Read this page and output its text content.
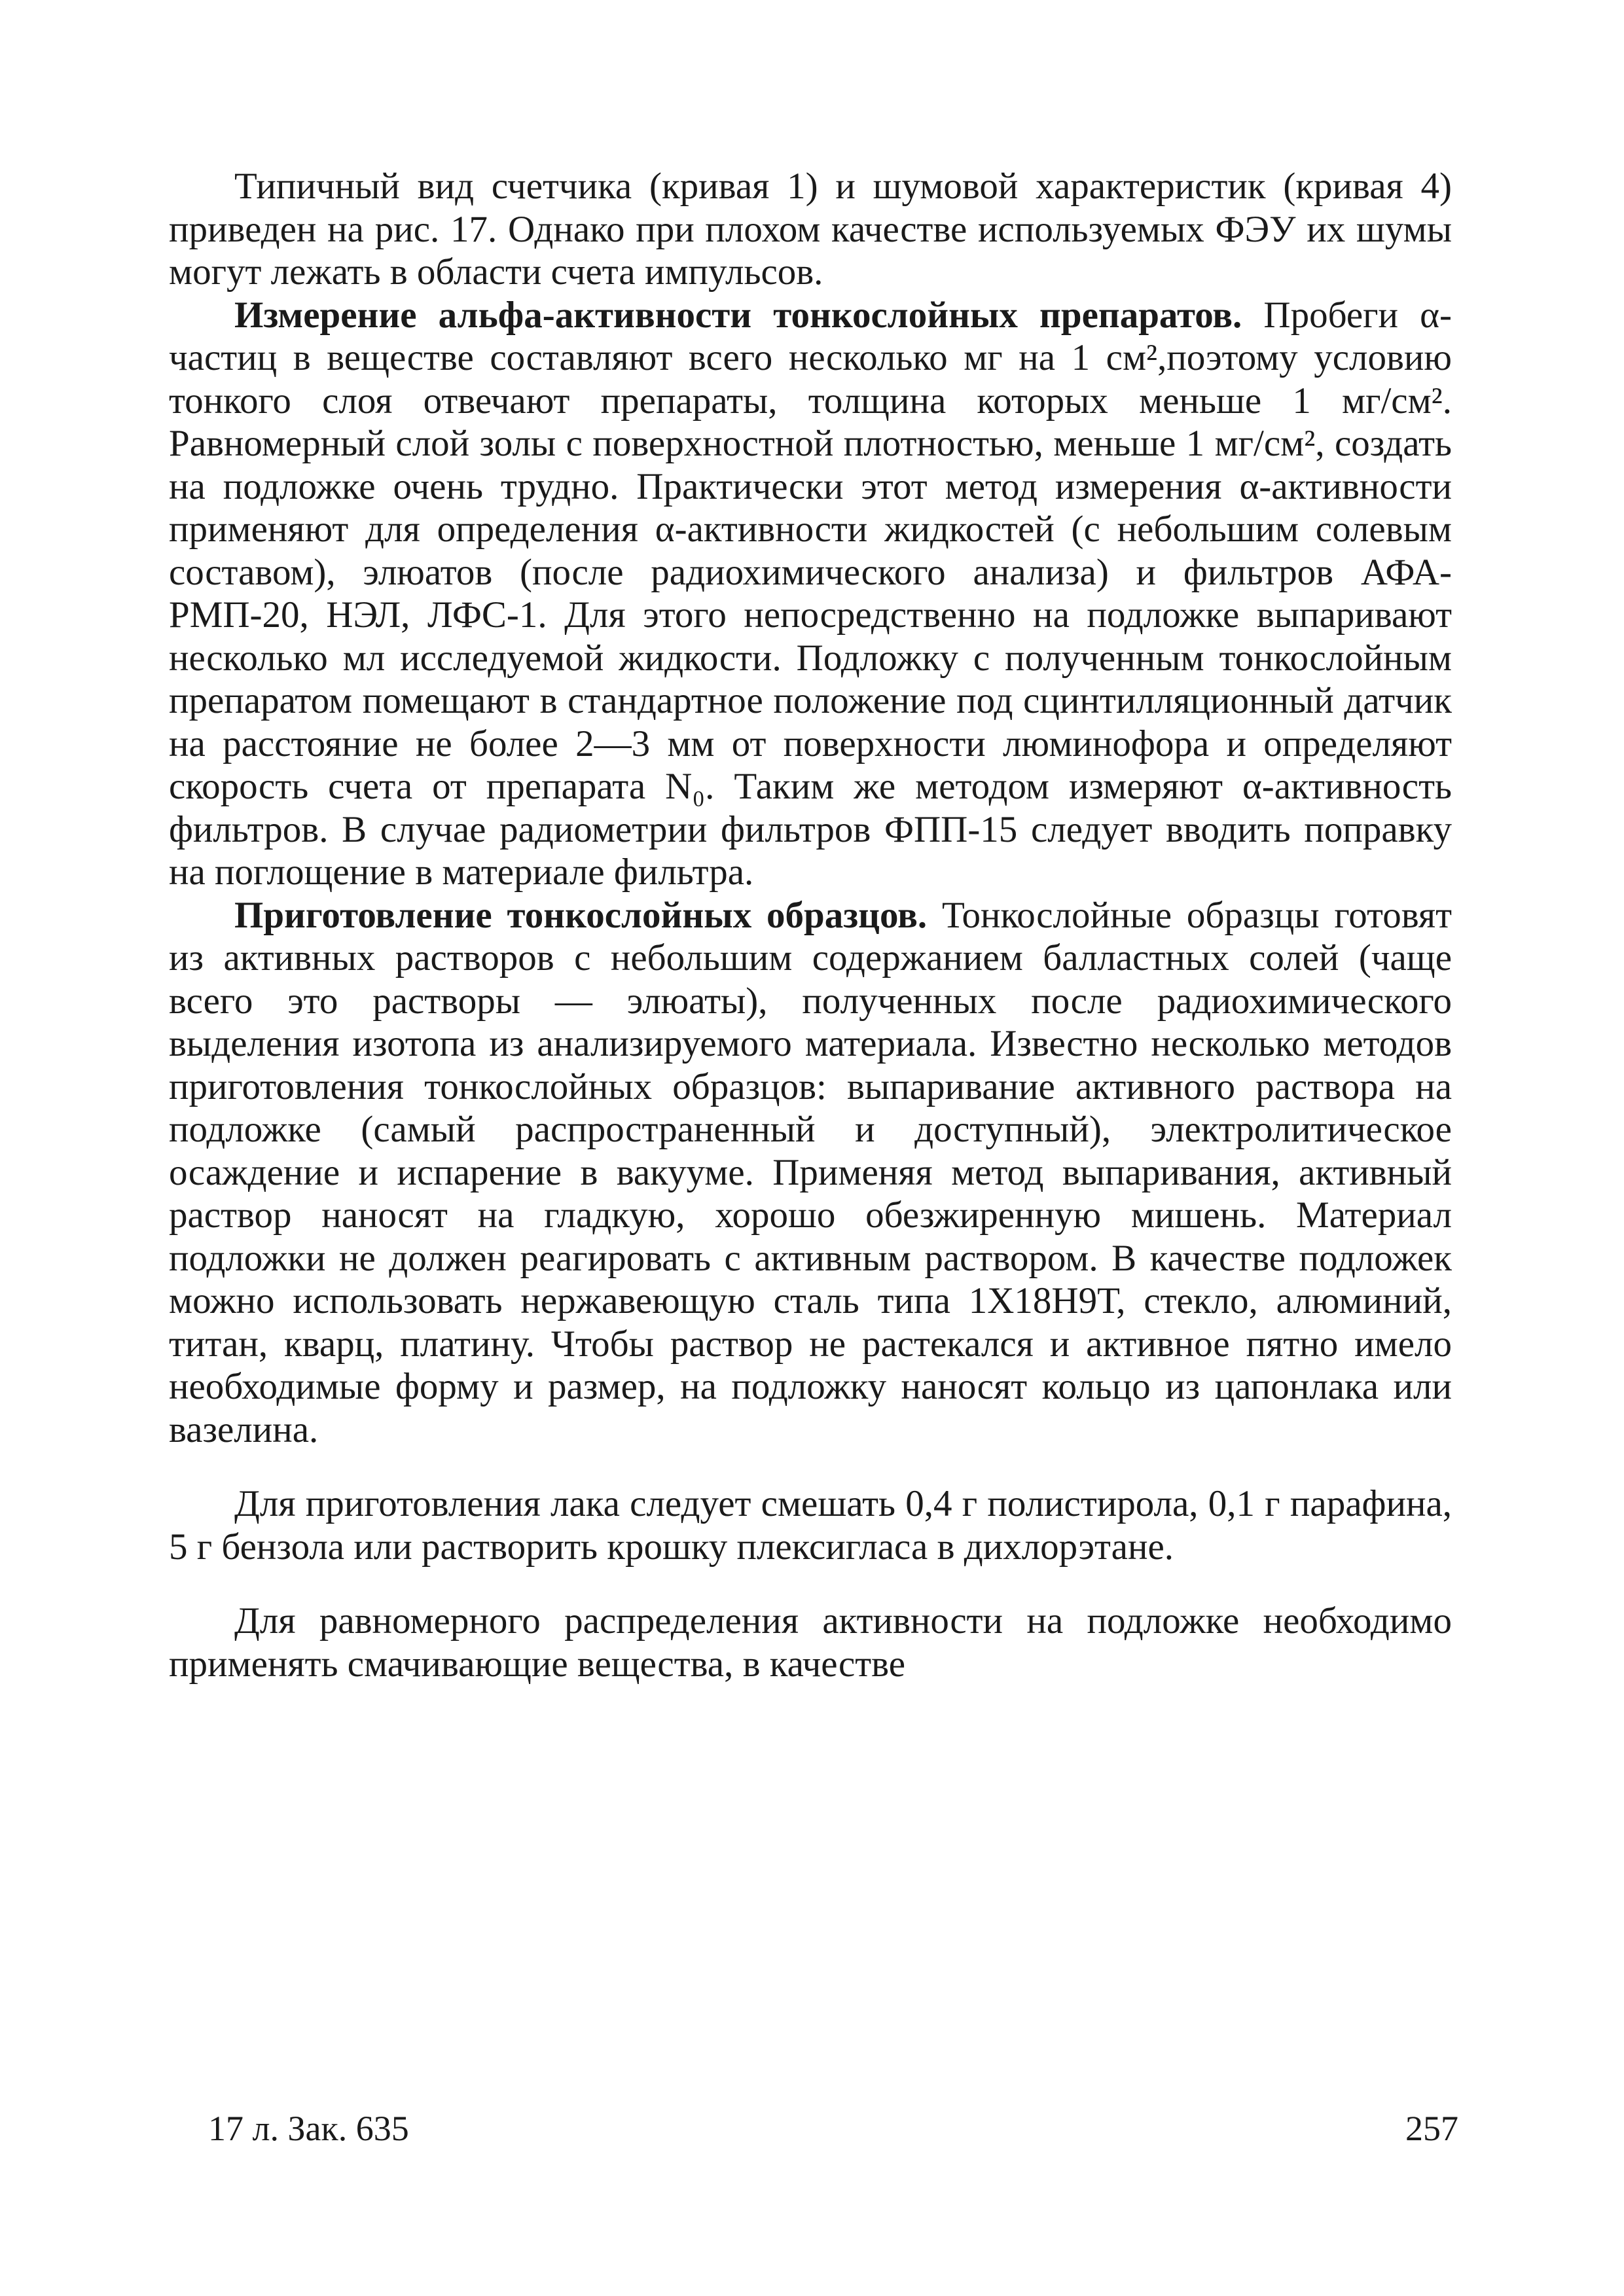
Типичный вид счетчика (кривая 1) и шумовой характеристик (кривая 4) приведен на рис. 17. Однако при плохом качестве используемых ФЭУ их шумы могут лежать в области счета импульсов.

Измерение альфа-активности тонкослойных препаратов. Пробеги α-частиц в веществе составляют всего несколько мг на 1 см²,поэтому условию тонкого слоя отвечают препараты, толщина которых меньше 1 мг/см². Равномерный слой золы с поверхностной плотностью, меньше 1 мг/см², создать на подложке очень трудно. Практически этот метод измерения α-активности применяют для определения α-активности жидкостей (с небольшим солевым составом), элюатов (после радиохимического анализа) и фильтров АФА-РМП-20, НЭЛ, ЛФС-1. Для этого непосредственно на подложке выпаривают несколько мл исследуемой жидкости. Подложку с полученным тонкослойным препаратом помещают в стандартное положение под сцинтилляционный датчик на расстояние не более 2—3 мм от поверхности люминофора и определяют скорость счета от препарата N₀. Таким же методом измеряют α-активность фильтров. В случае радиометрии фильтров ФПП-15 следует вводить поправку на поглощение в материале фильтра.

Приготовление тонкослойных образцов. Тонкослойные образцы готовят из активных растворов с небольшим содержанием балластных солей (чаще всего это растворы — элюаты), полученных после радиохимического выделения изотопа из анализируемого материала. Известно несколько методов приготовления тонкослойных образцов: выпаривание активного раствора на подложке (самый распространенный и доступный), электролитическое осаждение и испарение в вакууме. Применяя метод выпаривания, активный раствор наносят на гладкую, хорошо обезжиренную мишень. Материал подложки не должен реагировать с активным раствором. В качестве подложек можно использовать нержавеющую сталь типа 1Х18Н9Т, стекло, алюминий, титан, кварц, платину. Чтобы раствор не растекался и активное пятно имело необходимые форму и размер, на подложку наносят кольцо из цапонлака или вазелина.

Для приготовления лака следует смешать 0,4 г полистирола, 0,1 г парафина, 5 г бензола или растворить крошку плексигласа в дихлорэтане.

Для равномерного распределения активности на подложке необходимо применять смачивающие вещества, в качестве

17 л. Зак. 635	257
